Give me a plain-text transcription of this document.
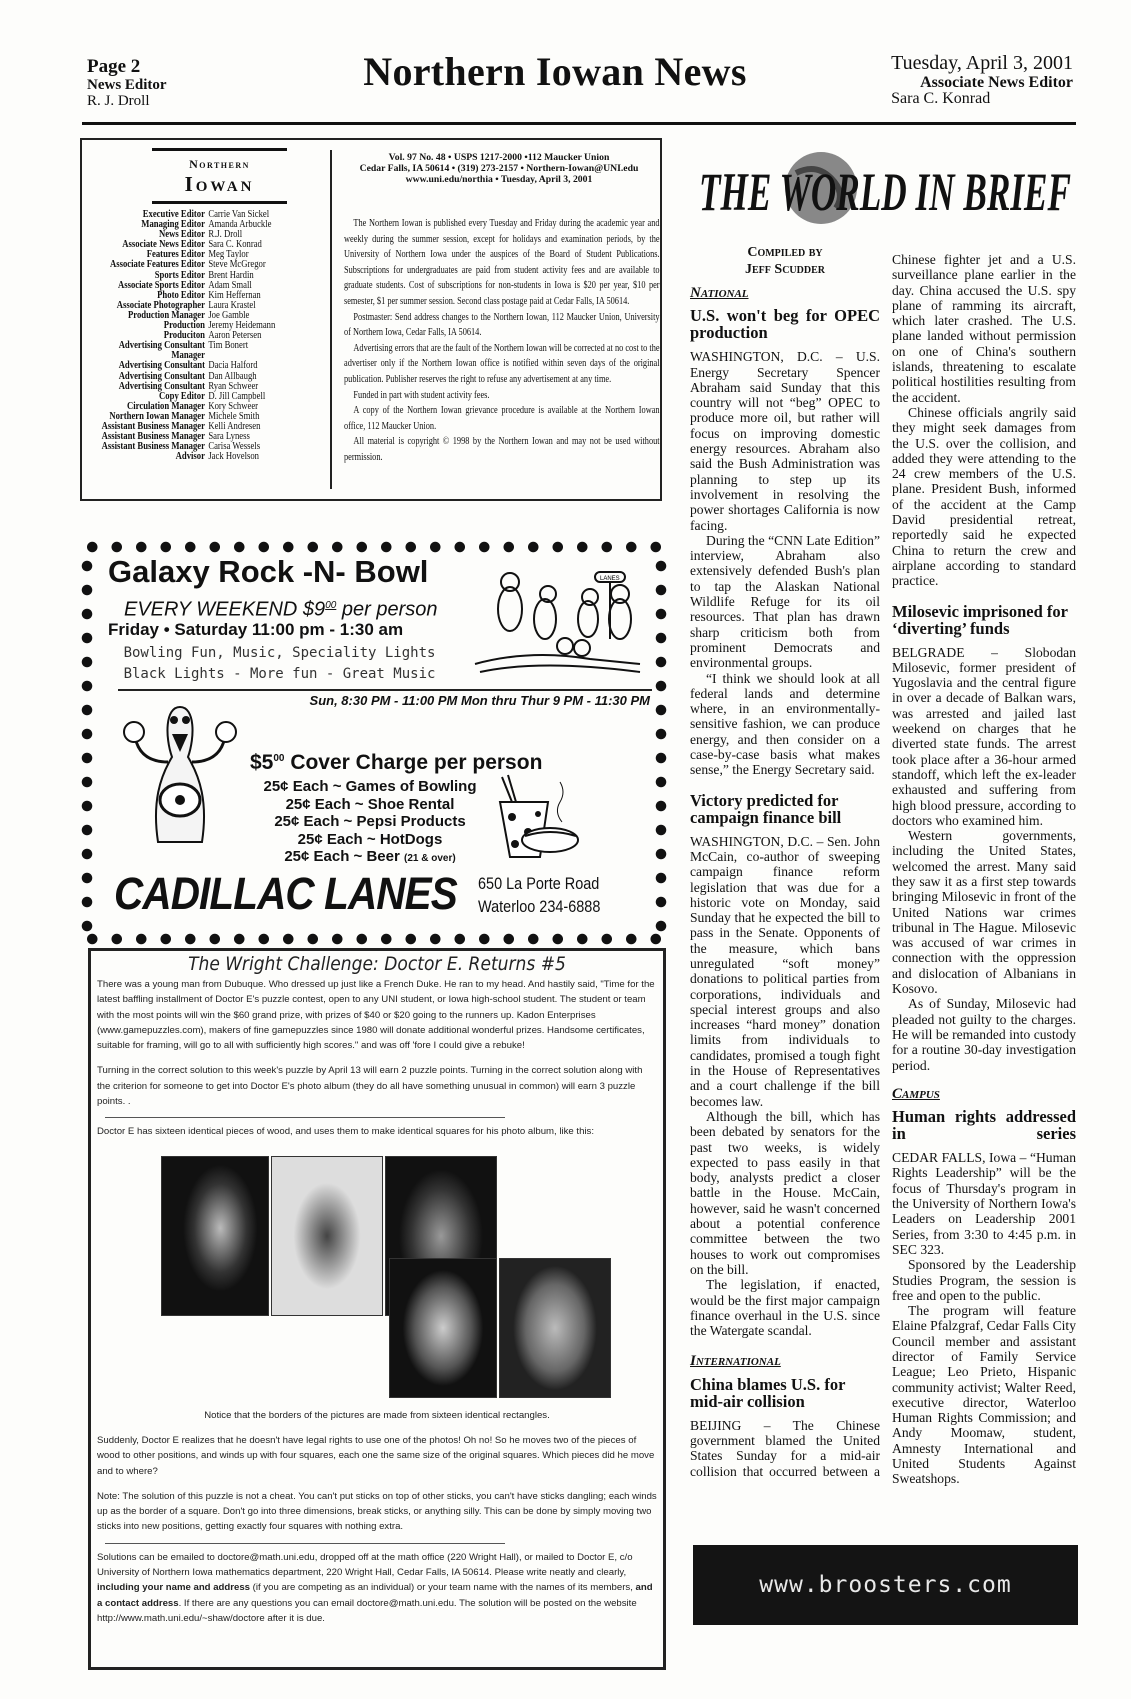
Page 2
News Editor
R. J. Droll
Northern Iowan News	Tuesday, April 3, 2001
Associate News Editor
Sara C. Konrad
Northern
Iowan
Executive Editor Carrie Van Sickel
Managing Editor Amanda Arbuckle
News Editor R.J. Droll
Associate News Editor Sara C. Konrad
Features Editor Meg Taylor
Associate Features Editor Steve McGregor
Sports Editor Brent Hardin
Associate Sports Editor Adam Small
Photo Editor Kim Heffernan
Associate Photographer Laura Krastel
Production Manager Joe Gamble
Production Jeremy Heidemann
Produciton Aaron Petersen
Advertising Consultant Manager
Tim Bonert
Advertising Consultant Dacia Halford
Advertising Consultant Dan Allbaugh
Advertising Consultant Ryan Schweer
Copy Editor D. Jill Campbell
Circulation Manager Kory Schweer
Northern Iowan Manager Michele Smith
Assistant Business Manager Kelli Andresen
Assistant Business Manager Sara Lyness
Assistant Business Manager Carisa Wessels
Advisor Jack Hovelson
Vol. 97 No. 48 • USPS 1217-2000 •112 Maucker Union
Cedar Falls, IA 50614 • (319) 273-2157 • Northern-Iowan@UNI.edu
www.uni.edu/northia • Tuesday, April 3, 2001

The Northern Iowan is published every Tuesday and Friday during the academic year and weekly during the summer session, except for holidays and examination periods, by the University of Northern Iowa under the auspices of the Board of Student Publications. Subscriptions for undergraduates are paid from student activity fees and are available to graduate students. Cost of subscriptions for non-students in Iowa is $20 per year, $10 per semester, $1 per summer session. Second class postage paid at Cedar Falls, IA 50614.

Postmaster: Send address changes to the Northern Iowan, 112 Maucker Union, University of Northern Iowa, Cedar Falls, IA 50614.

Advertising errors that are the fault of the Northern Iowan will be corrected at no cost to the advertiser only if the Northern Iowan office is notified within seven days of the original publication. Publisher reserves the right to refuse any advertisement at any time.

Funded in part with student activity fees.

A copy of the Northern Iowan grievance procedure is available at the Northern Iowan office, 112 Maucker Union.

All material is copyright © 1998 by the Northern Iowan and may not be used without permission.

Galaxy Rock -N- Bowl
EVERY WEEKEND $\$9^{00}$ per person
Friday • Saturday 11:00 pm - 1:30 am
Bowling Fun, Music, Speciality Lights
Black Lights - More fun - Great Music
LANES
Sun, 8:30 PM - 11:00 PM Mon thru Thur 9 PM - 11:30 PM
$\$5^{00}$ Cover Charge per person
25¢ Each ~ Games of Bowling
25¢ Each ~ Shoe Rental
25¢ Each ~ Pepsi Products
25¢ Each ~ HotDogs
25¢ Each ~ Beer (21 & over)
CADILLAC LANES 650 La Porte Road
Waterloo 234-6888
The Wright Challenge: Doctor E. Returns #5

There was a young man from Dubuque. Who dressed up just like a French Duke. He ran to my head. And hastily said, "Time for the latest baffling installment of Doctor E's puzzle contest, open to any UNI student, or Iowa high-school student. The student or team with the most points will win the $60 grand prize, with prizes of $40 or $20 going to the runners up. Kadon Enterprises (www.gamepuzzles.com), makers of fine gamepuzzles since 1980 will donate additional wonderful prizes. Handsome certificates, suitable for framing, will go to all with sufficiently high scores." and was off 'fore I could give a rebuke!

Turning in the correct solution to this week's puzzle by April 13 will earn 2 puzzle points. Turning in the correct solution along with the criterion for someone to get into Doctor E's photo album (they do all have something unusual in common) will earn 3 puzzle points. .

Doctor E has sixteen identical pieces of wood, and uses them to make identical squares for his photo album, like this:

Notice that the borders of the pictures are made from sixteen identical rectangles.

Suddenly, Doctor E realizes that he doesn't have legal rights to use one of the photos! Oh no! So he moves two of the pieces of wood to other positions, and winds up with four squares, each one the same size of the original squares. Which pieces did he move and to where?

Note: The solution of this puzzle is not a cheat. You can't put sticks on top of other sticks, you can't have sticks dangling; each winds up as the border of a square. Don't go into three dimensions, break sticks, or anything silly. This can be done by simply moving two sticks into new positions, getting exactly four squares with nothing extra.

Solutions can be emailed to doctore@math.uni.edu, dropped off at the math office (220 Wright Hall), or mailed to Doctor E, c/o University of Northern Iowa mathematics department, 220 Wright Hall, Cedar Falls, IA 50614. Please write neatly and clearly, including your name and address (if you are competing as an individual) or your team name with the names of its members, and a contact address. If there are any questions you can email doctore@math.uni.edu. The solution will be posted on the website http://www.math.uni.edu/~shaw/doctore after it is due.

THE WORLD IN BRIEF
Compiled by
Jeff Scudder
National
U.S. won't beg for OPEC production

WASHINGTON, D.C. – U.S. Energy Secretary Spencer Abraham said Sunday that this country will not “beg” OPEC to produce more oil, but rather will focus on improving domestic energy resources. Abraham also said the Bush Administration was planning to step up its involvement in resolving the power shortages California is now facing.

During the “CNN Late Edition” interview, Abraham also extensively defended Bush's plan to tap the Alaskan National Wildlife Refuge for its oil resources. That plan has drawn sharp criticism both from prominent Democrats and environmental groups.

“I think we should look at all federal lands and determine where, in an environmentally-sensitive fashion, we can produce energy, and then consider on a case-by-case basis what makes sense,” the Energy Secretary said.

Victory predicted for campaign finance bill

WASHINGTON, D.C. – Sen. John McCain, co-author of sweeping campaign finance reform legislation that was due for a historic vote on Monday, said Sunday that he expected the bill to pass in the Senate. Opponents of the measure, which bans unregulated “soft money” donations to political parties from corporations, individuals and special interest groups and also increases “hard money” donation limits from individuals to candidates, promised a tough fight in the House of Representatives and a court challenge if the bill becomes law.

Although the bill, which has been debated by senators for the past two weeks, is widely expected to pass easily in that body, analysts predict a closer battle in the House. McCain, however, said he wasn't concerned about a potential conference committee between the two houses to work out compromises on the bill.

The legislation, if enacted, would be the first major campaign finance overhaul in the U.S. since the Watergate scandal.

International
China blames U.S. for mid-air collision

BEIJING – The Chinese government blamed the United States Sunday for a mid-air collision that occurred between a

Chinese fighter jet and a U.S. surveillance plane earlier in the day. China accused the U.S. spy plane of ramming its aircraft, which later crashed. The U.S. plane landed without permission on one of China's southern islands, threatening to escalate political hostilities resulting from the accident.

Chinese officials angrily said they might seek damages from the U.S. over the collision, and added they were attending to the 24 crew members of the U.S. plane. President Bush, informed of the accident at the Camp David presidential retreat, reportedly said he expected China to return the crew and airplane according to standard practice.

Milosevic imprisoned for ‘diverting’ funds

BELGRADE – Slobodan Milosevic, former president of Yugoslavia and the central figure in over a decade of Balkan wars, was arrested and jailed last weekend on charges that he diverted state funds. The arrest took place after a 36-hour armed standoff, which left the ex-leader exhausted and suffering from high blood pressure, according to doctors who examined him.

Western governments, including the United States, welcomed the arrest. Many said they saw it as a first step towards bringing Milosevic in front of the United Nations war crimes tribunal in The Hague. Milosevic was accused of war crimes in connection with the oppression and dislocation of Albanians in Kosovo.

As of Sunday, Milosevic had pleaded not guilty to the charges. He will be remanded into custody for a routine 30-day investigation period.

Campus
Human rights addressed in series

CEDAR FALLS, Iowa – “Human Rights Leadership” will be the focus of Thursday's program in the University of Northern Iowa's Leaders on Leadership 2001 Series, from 3:30 to 4:45 p.m. in SEC 323.

Sponsored by the Leadership Studies Program, the session is free and open to the public.

The program will feature Elaine Pfalzgraf, Cedar Falls City Council member and assistant director of Family Service League; Leo Prieto, Hispanic community activist; Walter Reed, executive director, Waterloo Human Rights Commission; and Andy Moomaw, student, Amnesty International and United Students Against Sweatshops.

www.broosters.com
